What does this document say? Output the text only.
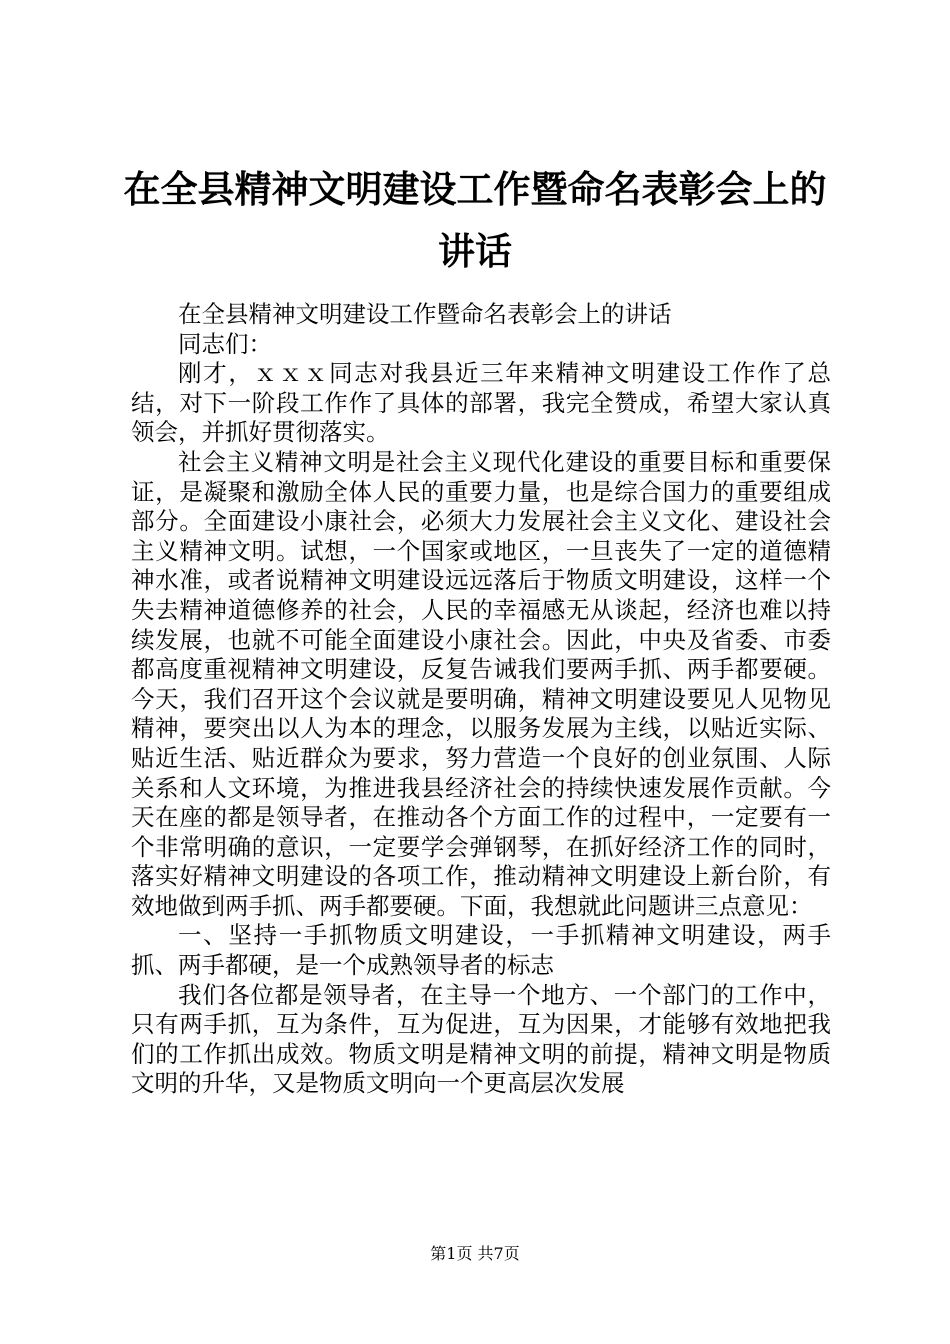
在全县精神文明建设工作暨命名表彰会上的讲话

在全县精神文明建设工作暨命名表彰会上的讲话

同志们：

刚才，ｘｘｘ同志对我县近三年来精神文明建设工作作了总结，对下一阶段工作作了具体的部署，我完全赞成，希望大家认真领会，并抓好贯彻落实。

社会主义精神文明是社会主义现代化建设的重要目标和重要保证，是凝聚和激励全体人民的重要力量，也是综合国力的重要组成部分。全面建设小康社会，必须大力发展社会主义文化、建设社会主义精神文明。试想，一个国家或地区，一旦丧失了一定的道德精神水准，或者说精神文明建设远远落后于物质文明建设，这样一个失去精神道德修养的社会，人民的幸福感无从谈起，经济也难以持续发展，也就不可能全面建设小康社会。因此，中央及省委、市委都高度重视精神文明建设，反复告诫我们要两手抓、两手都要硬。今天，我们召开这个会议就是要明确，精神文明建设要见人见物见精神，要突出以人为本的理念，以服务发展为主线，以贴近实际、贴近生活、贴近群众为要求，努力营造一个良好的创业氛围、人际关系和人文环境，为推进我县经济社会的持续快速发展作贡献。今天在座的都是领导者，在推动各个方面工作的过程中，一定要有一个非常明确的意识，一定要学会弹钢琴，在抓好经济工作的同时，落实好精神文明建设的各项工作，推动精神文明建设上新台阶，有效地做到两手抓、两手都要硬。下面，我想就此问题讲三点意见：

一、坚持一手抓物质文明建设，一手抓精神文明建设，两手抓、两手都硬，是一个成熟领导者的标志

我们各位都是领导者，在主导一个地方、一个部门的工作中，只有两手抓，互为条件，互为促进，互为因果，才能够有效地把我们的工作抓出成效。物质文明是精神文明的前提，精神文明是物质文明的升华，又是物质文明向一个更高层次发展

第1页 共7页
